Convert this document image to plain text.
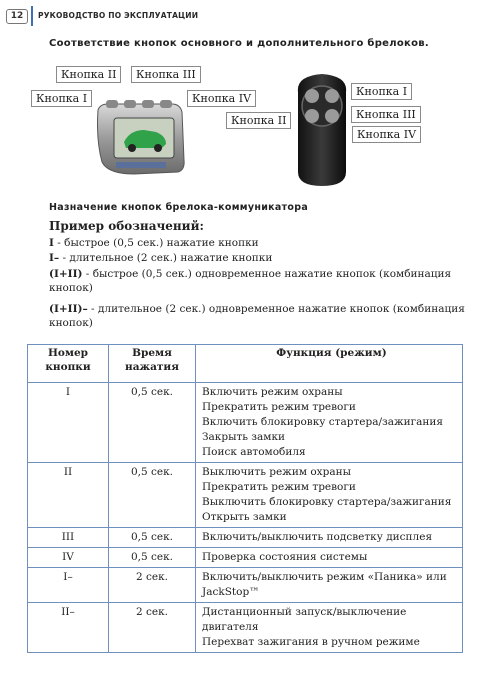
12	РУКОВОДСТВО ПО ЭКСПЛУАТАЦИИ
Соответствие кнопок основного и дополнительного брелоков.
Кнопка II	Кнопка III
Кнопка I	Кнопка IV
Кнопка I
Кнопка III
Кнопка IV
Кнопка II
Назначение кнопок брелока-коммуникатора
Пример обозначений:
I - быстрое (0,5 сек.) нажатие кнопки
I– - длительное (2 сек.) нажатие кнопки
(I+II) - быстрое (0,5 сек.) одновременное нажатие кнопок (комбинация кнопок)
(I+II)– - длительное (2 сек.) одновременное нажатие кнопок (комбинация кнопок)
Номер кнопки	Время нажатия	Функция (режим)
I	0,5 сек.	Включить режим охраны
Прекратить режим тревоги
Включить блокировку стартера/зажигания
Закрыть замки
Поиск автомобиля

II	0,5 сек.	Выключить режим охраны
Прекратить режим тревоги
Выключить блокировку стартера/зажигания
Открыть замки

III	0,5 сек.	Включить/выключить подсветку дисплея

IV	0,5 сек.	Проверка состояния системы

I–	2 сек.	Включить/выключить режим «Паника» или JackStop™

II–	2 сек.	Дистанционный запуск/выключение двигателя
Перехват зажигания в ручном режиме
